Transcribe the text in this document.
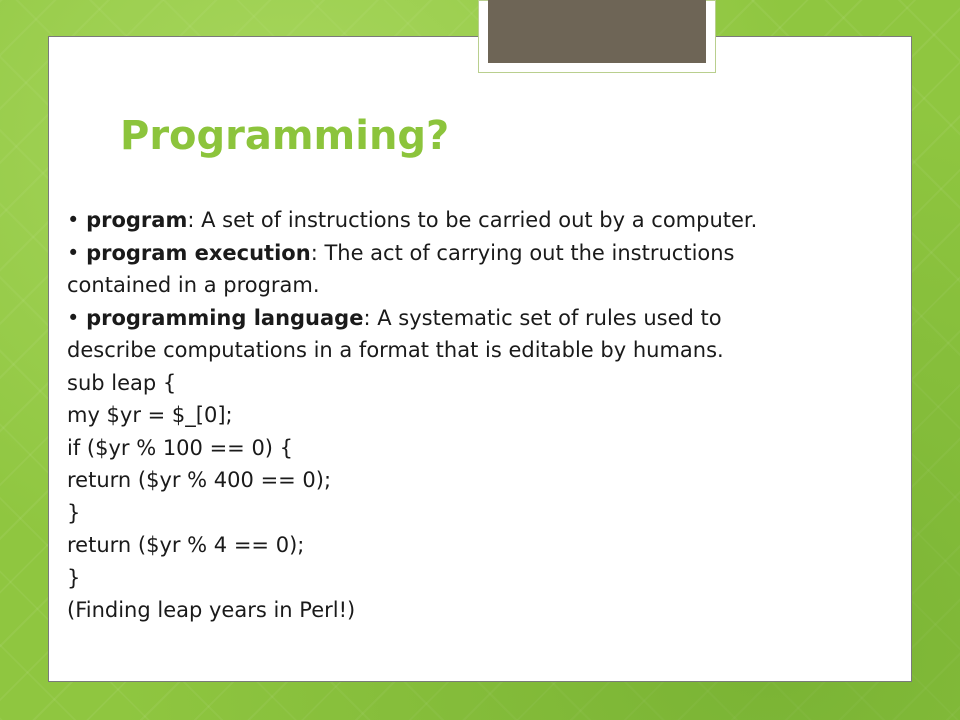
Programming?
• program: A set of instructions to be carried out by a computer.
• program execution: The act of carrying out the instructions
contained in a program.
• programming language: A systematic set of rules used to
describe computations in a format that is editable by humans.
sub leap {
my $yr = $_[0];
if ($yr % 100 == 0) {
return ($yr % 400 == 0);
}
return ($yr % 4 == 0);
}
(Finding leap years in Perl!)
